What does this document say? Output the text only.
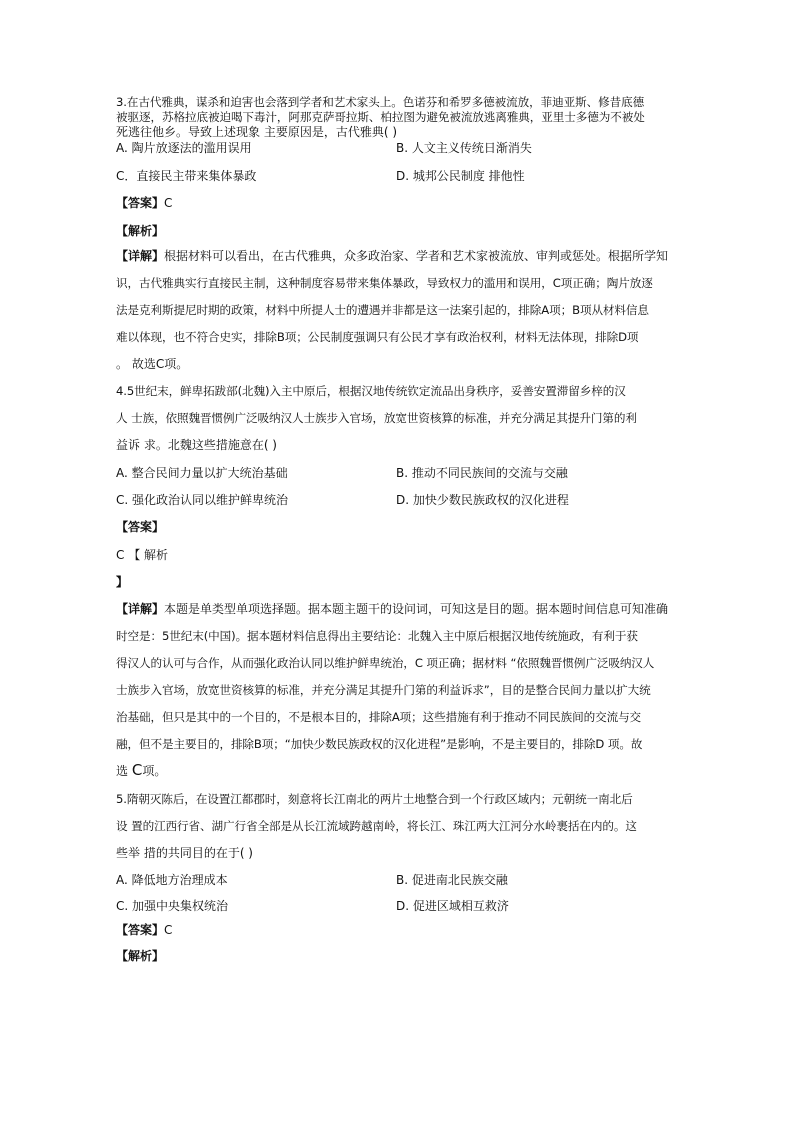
3.在古代雅典，谋杀和迫害也会落到学者和艺术家头上。色诺芬和希罗多德被流放，菲迪亚斯、修昔底德
被驱逐，苏格拉底被迫喝下毒汁，阿那克萨哥拉斯、柏拉图为避免被流放逃离雅典，亚里士多德为不被处
死逃往他乡。导致上述现象 主要原因是，古代雅典( )
A. 陶片放逐法的滥用误用	B. 人文主义传统日渐消失
C．直接民主带来集体暴政	D. 城邦公民制度 排他性
【答案】C
【解析】
【详解】根据材料可以看出，在古代雅典，众多政治家、学者和艺术家被流放、审判或惩处。根据所学知
识，古代雅典实行直接民主制，这种制度容易带来集体暴政，导致权力的滥用和误用，C项正确；陶片放逐
法是克利斯提尼时期的政策，材料中所提人士的遭遇并非都是这一法案引起的，排除A项；B项从材料信息
难以体现，也不符合史实，排除B项；公民制度强调只有公民才享有政治权利，材料无法体现，排除D项
。 故选C项。
4.5世纪末，鲜卑拓跋部(北魏)入主中原后，根据汉地传统钦定流品出身秩序，妥善安置滞留乡梓的汉
人 士族，依照魏晋惯例广泛吸纳汉人士族步入官场，放宽世资核算的标准，并充分满足其提升门第的利
益诉 求。北魏这些措施意在( )
A. 整合民间力量以扩大统治基础	B. 推动不同民族间的交流与交融
C. 强化政治认同以维护鲜卑统治	D. 加快少数民族政权的汉化进程
【答案】
C 【 解析
】
【详解】本题是单类型单项选择题。据本题主题干的设问词，可知这是目的题。据本题时间信息可知准确
时空是：5世纪末(中国)。据本题材料信息得出主要结论：北魏入主中原后根据汉地传统施政，有利于获
得汉人的认可与合作，从而强化政治认同以维护鲜卑统治，C 项正确；据材料 “依照魏晋惯例广泛吸纳汉人
士族步入官场，放宽世资核算的标准，并充分满足其提升门第的利益诉求”，目的是整合民间力量以扩大统
治基础，但只是其中的一个目的，不是根本目的，排除A项；这些措施有利于推动不同民族间的交流与交
融，但不是主要目的，排除B项；“加快少数民族政权的汉化进程”是影响，不是主要目的，排除D 项。故
选 C项。
5.隋朝灭陈后，在设置江都郡时，刻意将长江南北的两片土地整合到一个行政区域内；元朝统一南北后
设 置的江西行省、湖广行省全部是从长江流域跨越南岭，将长江、珠江两大江河分水岭裹括在内的。这
些举 措的共同目的在于( )
A. 降低地方治理成本	B. 促进南北民族交融
C. 加强中央集权统治	D. 促进区域相互救济
【答案】C
【解析】
